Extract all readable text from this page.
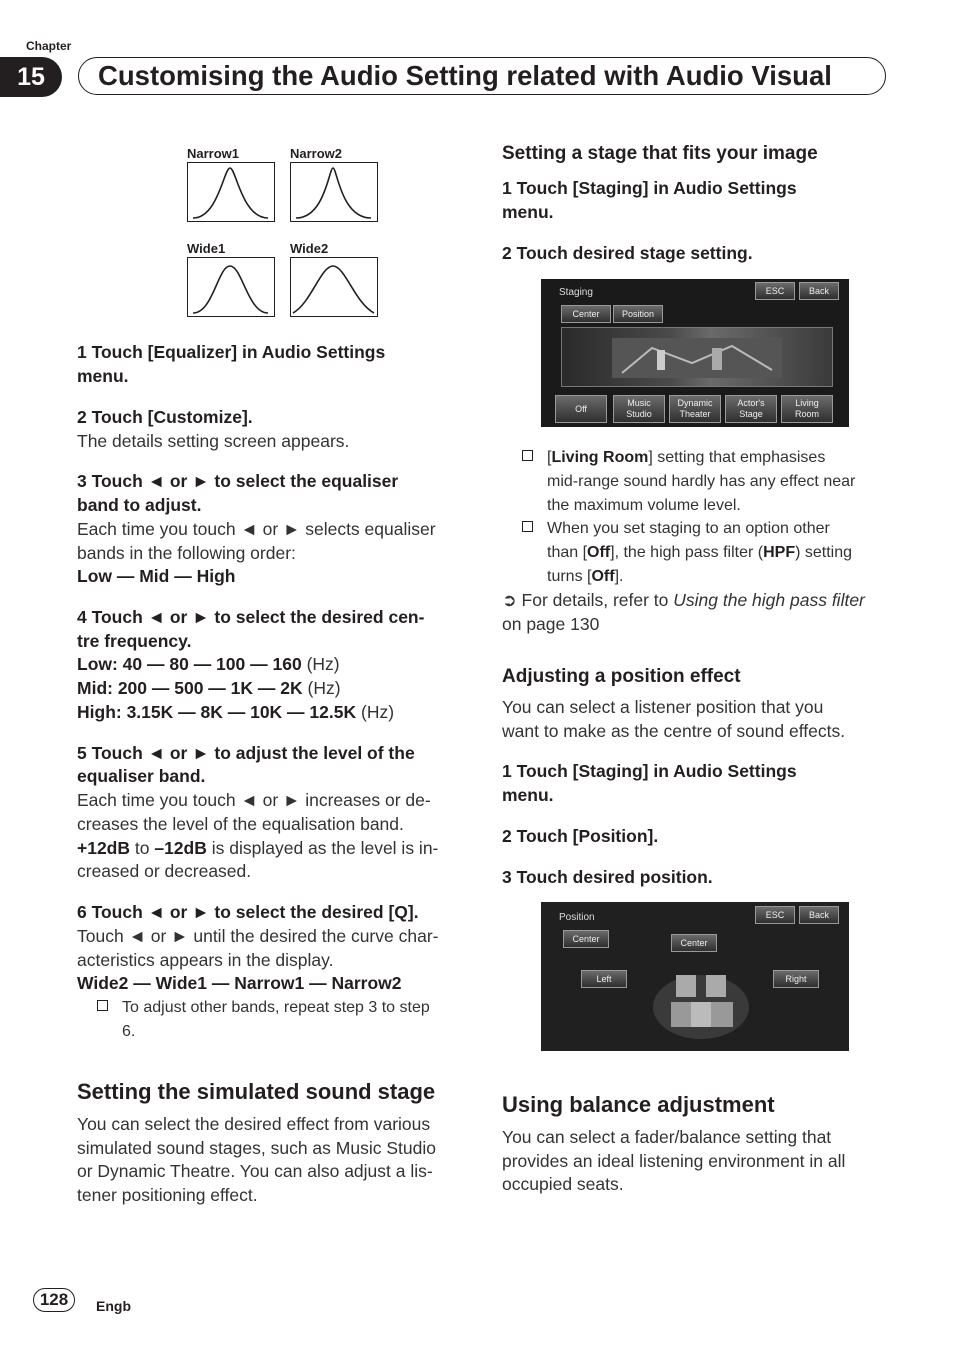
Chapter
15	Customising the Audio Setting related with Audio Visual
Narrow1	Narrow2
Wide1	Wide2
1 Touch [Equalizer] in Audio Settings
menu.
2 Touch [Customize].
The details setting screen appears.
3 Touch ◄ or ► to select the equaliser
band to adjust.
Each time you touch ◄ or ► selects equaliser
bands in the following order:
Low — Mid — High
4 Touch ◄ or ► to select the desired cen-
tre frequency.
Low: 40 — 80 — 100 — 160 (Hz)
Mid: 200 — 500 — 1K — 2K (Hz)
High: 3.15K — 8K — 10K — 12.5K (Hz)
5 Touch ◄ or ► to adjust the level of the
equaliser band.
Each time you touch ◄ or ► increases or de-
creases the level of the equalisation band.
+12dB to –12dB is displayed as the level is in-
creased or decreased.
6 Touch ◄ or ► to select the desired [Q].
Touch ◄ or ► until the desired the curve char-
acteristics appears in the display.
Wide2 — Wide1 — Narrow1 — Narrow2
To adjust other bands, repeat step 3 to step
6.
Setting the simulated sound stage
You can select the desired effect from various
simulated sound stages, such as Music Studio
or Dynamic Theatre. You can also adjust a lis-
tener positioning effect.
Setting a stage that fits your image
1 Touch [Staging] in Audio Settings
menu.
2 Touch desired stage setting.
Staging	ESC	Back
Center	Position
Off
Music Studio
Dynamic Theater
Actor's Stage
Living Room
[Living Room] setting that emphasises
mid-range sound hardly has any effect near
the maximum volume level.
When you set staging to an option other
than [Off], the high pass filter (HPF) setting
turns [Off].
➲ For details, refer to Using the high pass filter
on page 130
Adjusting a position effect
You can select a listener position that you
want to make as the centre of sound effects.
1 Touch [Staging] in Audio Settings
menu.
2 Touch [Position].
3 Touch desired position.
Position	ESC	Back
Center	Center
Left	Right
Using balance adjustment
You can select a fader/balance setting that
provides an ideal listening environment in all
occupied seats.
128	Engb
